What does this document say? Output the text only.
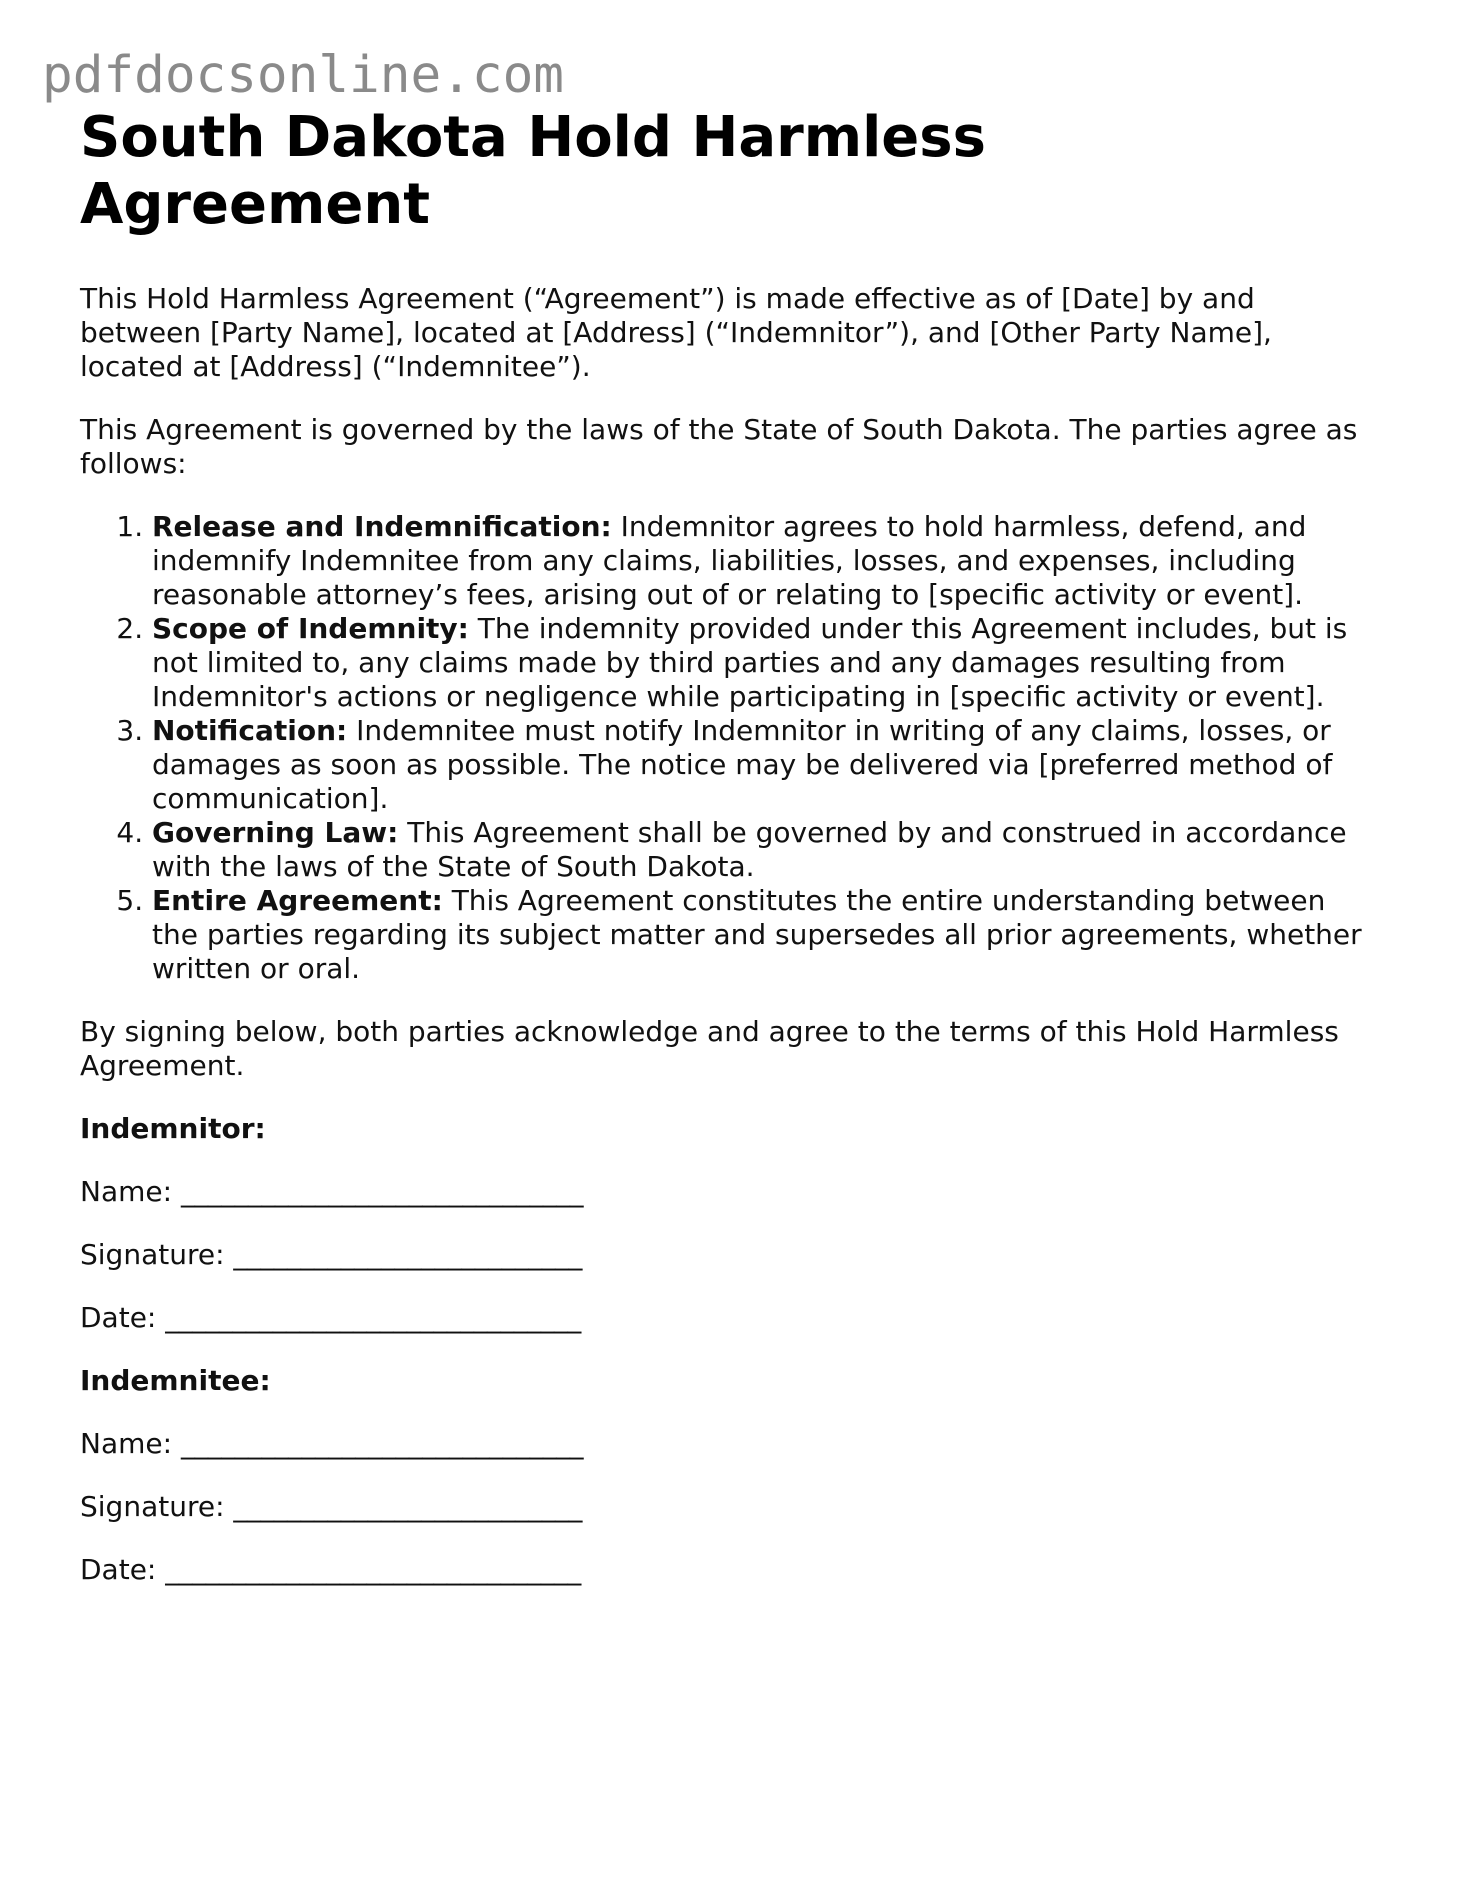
pdfdocsonline.com
South Dakota Hold Harmless Agreement

This Hold Harmless Agreement (“Agreement”) is made effective as of [Date] by and between [Party Name], located at [Address] (“Indemnitor”), and [Other Party Name], located at [Address] (“Indemnitee”).

This Agreement is governed by the laws of the State of South Dakota. The parties agree as follows:

1. Release and Indemnification: Indemnitor agrees to hold harmless, defend, and indemnify Indemnitee from any claims, liabilities, losses, and expenses, including reasonable attorney’s fees, arising out of or relating to [specific activity or event].
2. Scope of Indemnity: The indemnity provided under this Agreement includes, but is not limited to, any claims made by third parties and any damages resulting from Indemnitor's actions or negligence while participating in [specific activity or event].
3. Notification: Indemnitee must notify Indemnitor in writing of any claims, losses, or damages as soon as possible. The notice may be delivered via [preferred method of communication].
4. Governing Law: This Agreement shall be governed by and construed in accordance with the laws of the State of South Dakota.
5. Entire Agreement: This Agreement constitutes the entire understanding between the parties regarding its subject matter and supersedes all prior agreements, whether written or oral.

By signing below, both parties acknowledge and agree to the terms of this Hold Harmless Agreement.

Indemnitor:

Name: ______________________________

Signature: __________________________

Date: _______________________________

Indemnitee:

Name: ______________________________

Signature: __________________________

Date: _______________________________
